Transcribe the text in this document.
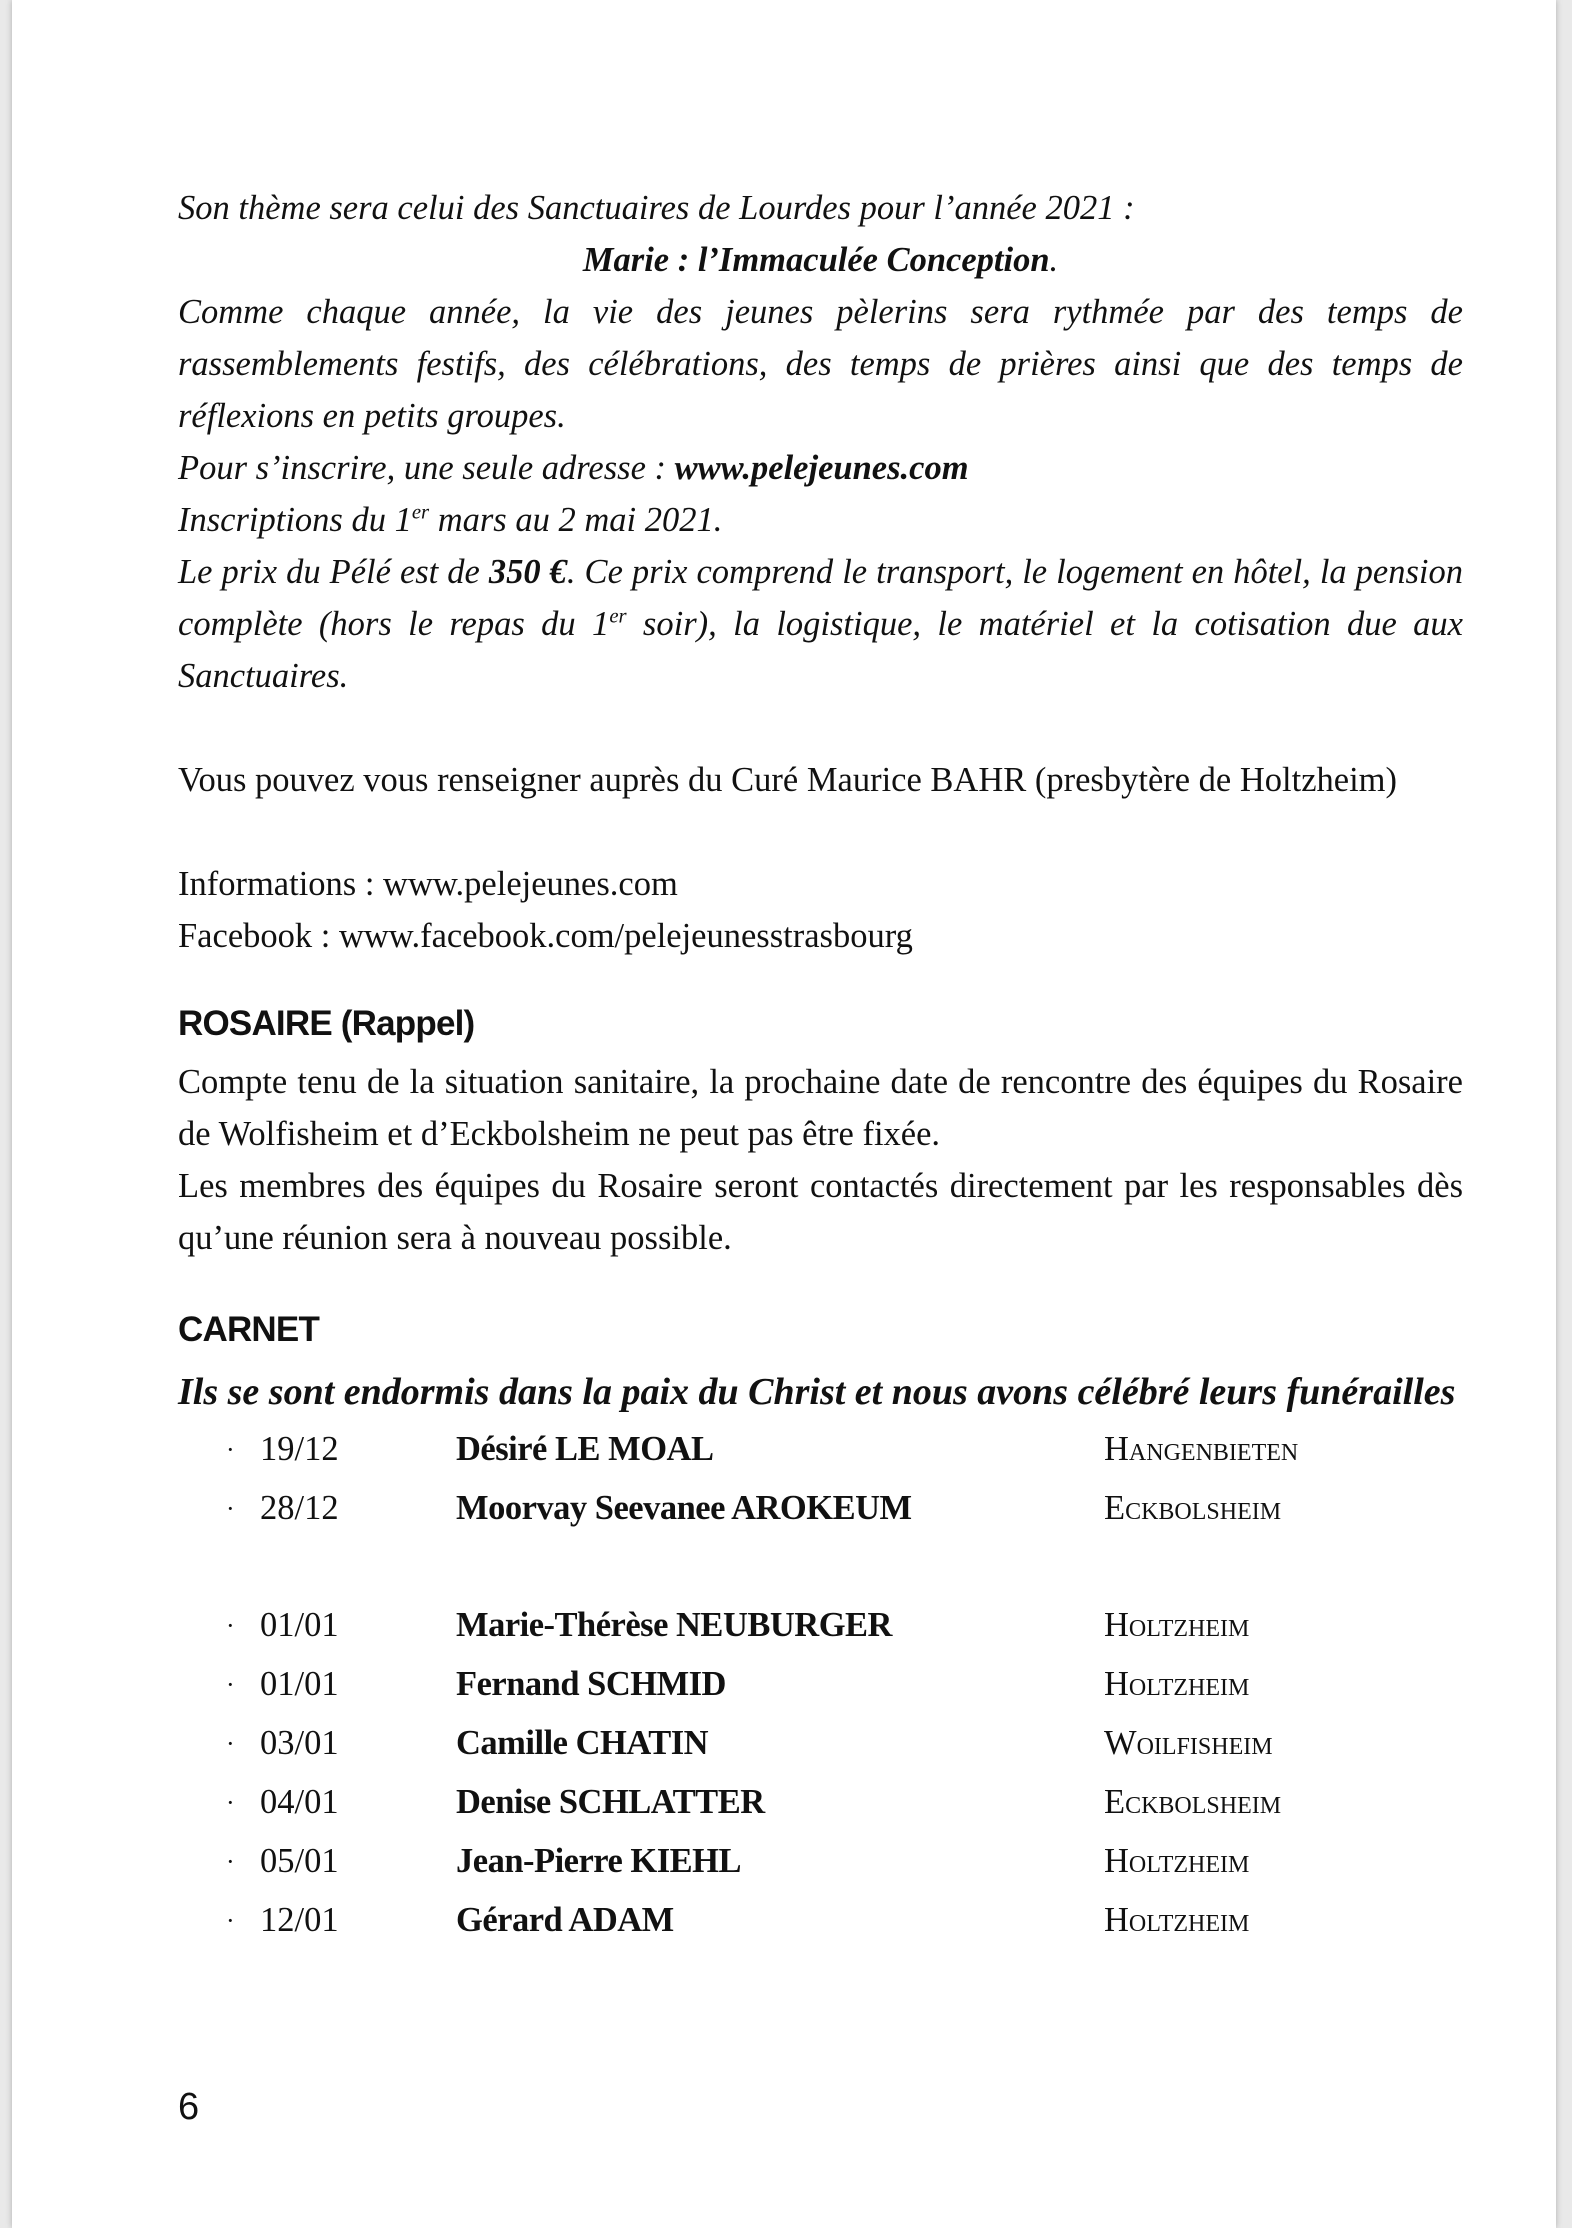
Son thème sera celui des Sanctuaires de Lourdes pour l’année 2021 :

Marie : l’Immaculée Conception.

Comme chaque année, la vie des jeunes pèlerins sera rythmée par des temps de rassemblements festifs, des célébrations, des temps de prières ainsi que des temps de réflexions en petits groupes.

Pour s’inscrire, une seule adresse : www.pelejeunes.com

Inscriptions du 1er mars au 2 mai 2021.

Le prix du Pélé est de 350 €. Ce prix comprend le transport, le logement en hôtel, la pension complète (hors le repas du 1er soir), la logistique, le matériel et la cotisation due aux Sanctuaires.

Vous pouvez vous renseigner auprès du Curé Maurice BAHR (presbytère de Holtzheim)

Informations : www.pelejeunes.com

Facebook : www.facebook.com/pelejeunesstrasbourg

ROSAIRE (Rappel)

Compte tenu de la situation sanitaire, la prochaine date de rencontre des équipes du Rosaire de Wolfisheim et d’Eckbolsheim ne peut pas être fixée.

Les membres des équipes du Rosaire seront contactés directement par les responsables dès qu’une réunion sera à nouveau possible.

CARNET

Ils se sont endormis dans la paix du Christ et nous avons célébré leurs funérailles

·	19/12	Désiré LE MOAL	Hangenbieten
·	28/12	Moorvay Seevanee AROKEUM	Eckbolsheim

·	01/01	Marie-Thérèse NEUBURGER	Holtzheim
·	01/01	Fernand SCHMID	Holtzheim
·	03/01	Camille CHATIN	Woilfisheim
·	04/01	Denise SCHLATTER	Eckbolsheim
·	05/01	Jean-Pierre KIEHL	Holtzheim
·	12/01	Gérard ADAM	Holtzheim
6
